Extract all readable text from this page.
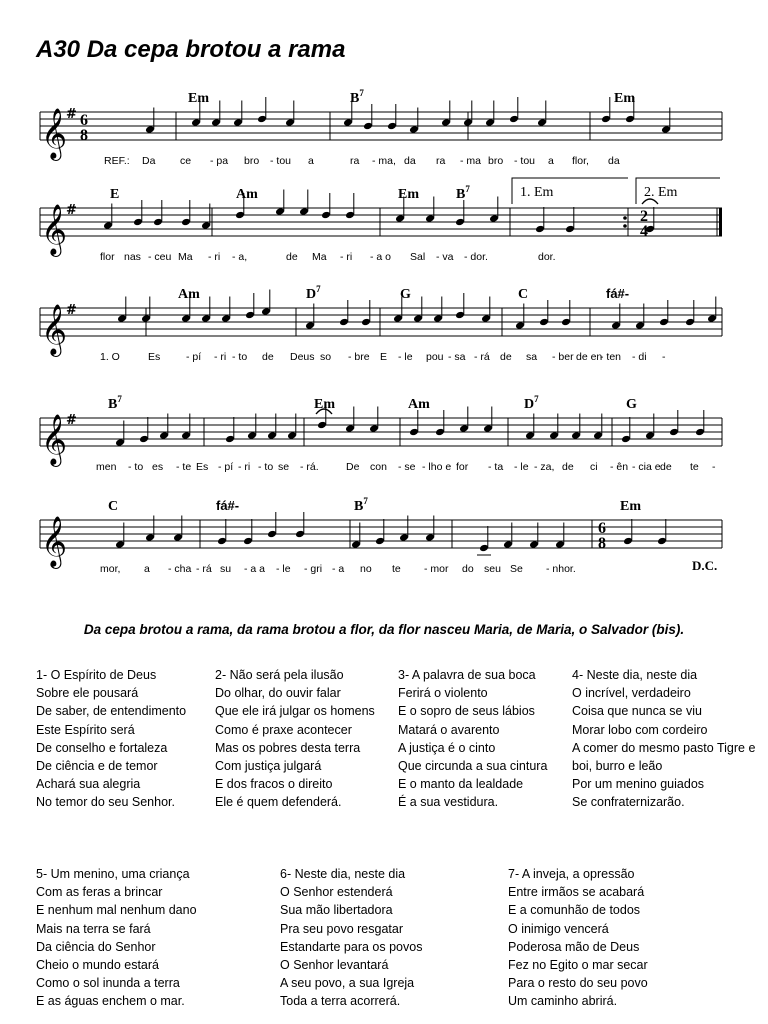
A30 Da cepa brotou a rama
𝄞
# 6
8
Em	$B^7$	Em
REF.: Da ce - pa bro - tou a	ra - ma, da ra - ma bro - tou a flor, da
𝄞
#
E	Am	Em	$B^7$
flor nas - ceu Ma - ri - a,	de Ma - ri - a o Sal - va - dor.	dor.
𝄞
#
Am	$D^7$	G	C	fá#-
1. O	Es - pí - ri - to de Deus so - bre E - le pou - sa - rá de sa - ber de en
- ten - di -
𝄞
#
$B^7$	Em	Am	$D^7$	G
men - to es - te Es - pí - ri - to se - rá.	De con - se - lho e for - ta - le - za, de ci - ên - cia e de te -
𝄞
C	fá#-	$B^7$	Em
mor, a - cha - rá su - a a - le - gri - a no te - mor do seu Se - nhor.
1. Em	2. Em
2
4
6
8
D.C.
Da cepa brotou a rama, da rama brotou a flor, da flor nasceu Maria, de Maria, o Salvador (bis).
1- O Espírito de Deus
Sobre ele pousará
De saber, de entendimento
Este Espírito será
De conselho e fortaleza
De ciência e de temor
Achará sua alegria
No temor do seu Senhor.
2- Não será pela ilusão
Do olhar, do ouvir falar
Que ele irá julgar os homens
Como é praxe acontecer
Mas os pobres desta terra
Com justiça julgará
E dos fracos o direito
Ele é quem defenderá.
3- A palavra de sua boca
Ferirá o violento
E o sopro de seus lábios
Matará o avarento
A justiça é o cinto
Que circunda a sua cintura
E o manto da lealdade
É a sua vestidura.
4- Neste dia, neste dia
O incrível, verdadeiro
Coisa que nunca se viu
Morar lobo com cordeiro
A comer do mesmo pasto Tigre e boi, burro e leão
Por um menino guiados
Se confraternizarão.
5- Um menino, uma criança
Com as feras a brincar
E nenhum mal nenhum dano
Mais na terra se fará
Da ciência do Senhor
Cheio o mundo estará
Como o sol inunda a terra
E as águas enchem o mar.
6- Neste dia, neste dia
O Senhor estenderá
Sua mão libertadora
Pra seu povo resgatar
Estandarte para os povos
O Senhor levantará
A seu povo, a sua Igreja
Toda a terra acorrerá.
7- A inveja, a opressão
Entre irmãos se acabará
E a comunhão de todos
O inimigo vencerá
Poderosa mão de Deus
Fez no Egito o mar secar
Para o resto do seu povo
Um caminho abrirá.
